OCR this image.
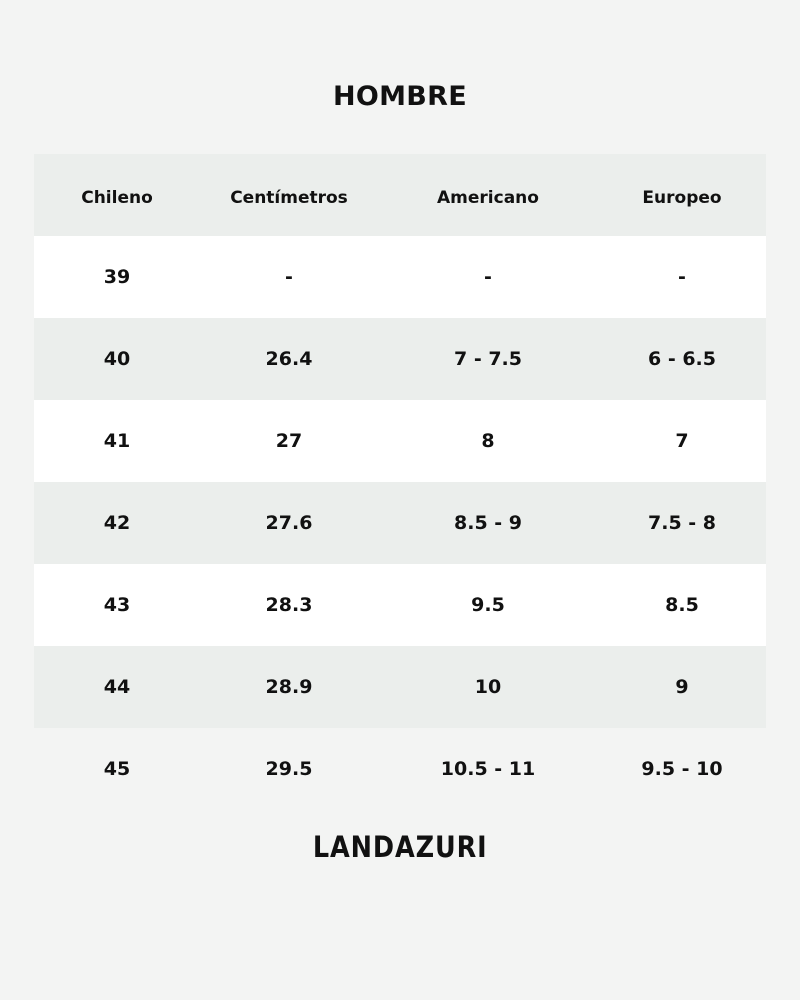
HOMBRE
Chileno	Centímetros	Americano	Europeo
39	-	-	-
40	26.4	7 - 7.5	6 - 6.5
41	27	8	7
42	27.6	8.5 - 9	7.5 - 8
43	28.3	9.5	8.5
44	28.9	10	9
45	29.5	10.5 - 11	9.5 - 10
LANDAZURI
